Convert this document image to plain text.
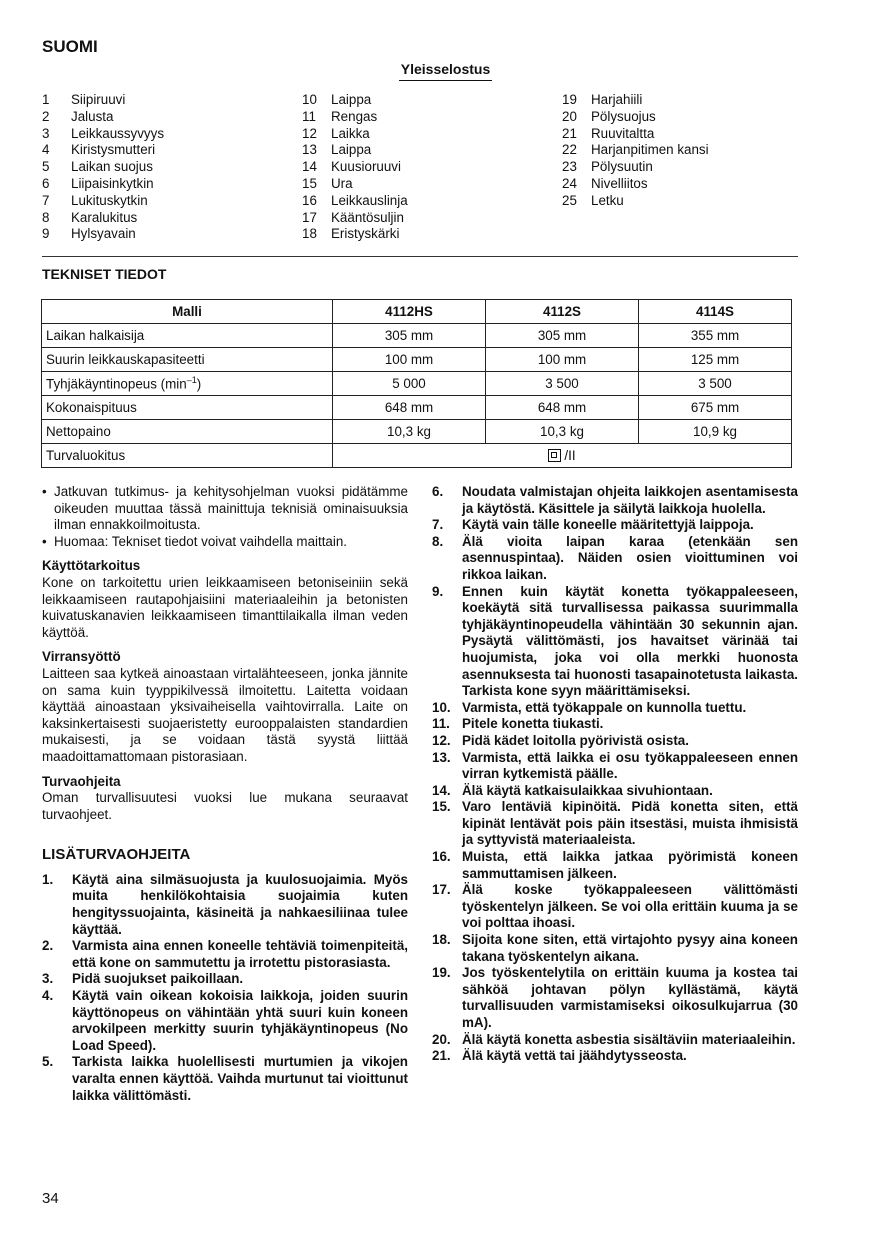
SUOMI
Yleisselostus
1	Siipiruuvi
2	Jalusta
3	Leikkaussyvyys
4	Kiristysmutteri
5	Laikan suojus
6	Liipaisinkytkin
7	Lukituskytkin
8	Karalukitus
9	Hylsyavain
10	Laippa
11	Rengas
12	Laikka
13	Laippa
14	Kuusioruuvi
15	Ura
16	Leikkauslinja
17	Kääntösuljin
18	Eristyskärki
19	Harjahiili
20	Pölysuojus
21	Ruuvitaltta
22	Harjanpitimen kansi
23	Pölysuutin
24	Nivelliitos
25	Letku
TEKNISET TIEDOT
Malli	4112HS	4112S	4114S
Laikan halkaisija	305 mm	305 mm	355 mm
Suurin leikkauskapasiteetti	100 mm	100 mm	125 mm
Tyhjäkäyntinopeus $(\min^{-1})$	5 000	3 500	3 500
Kokonaispituus	648 mm	648 mm	675 mm
Nettopaino	10,3 kg	10,3 kg	10,9 kg
Turvaluokitus	/II		
• Jatkuvan tutkimus- ja kehitysohjelman vuoksi pidätämme oikeuden muuttaa tässä mainittuja teknisiä ominaisuuksia ilman ennakkoilmoitusta.
• Huomaa: Tekniset tiedot voivat vaihdella maittain.

Käyttötarkoitus

Kone on tarkoitettu urien leikkaamiseen betoniseiniin sekä leikkaamiseen rautapohjaisiini materiaaleihin ja betonisten kuivatuskanavien leikkaamiseen timanttilaikalla ilman veden käyttöä.

Virransyöttö

Laitteen saa kytkeä ainoastaan virtalähteeseen, jonka jännite on sama kuin tyyppikilvessä ilmoitettu. Laitetta voidaan käyttää ainoastaan yksivaiheisella vaihtovirralla. Laite on kaksinkertaisesti suojaeristetty eurooppalaisten standardien mukaisesti, ja se voidaan tästä syystä liittää maadoittamattomaan pistorasiaan.

Turvaohjeita

Oman turvallisuutesi vuoksi lue mukana seuraavat turvaohjeet.

LISÄTURVAOHJEITA

1.	Käytä aina silmäsuojusta ja kuulosuojaimia. Myös muita henkilökohtaisia suojaimia kuten hengityssuojainta, käsineitä ja nahkaesiliinaa tulee käyttää.
2.	Varmista aina ennen koneelle tehtäviä toimenpiteitä, että kone on sammutettu ja irrotettu pistorasiasta.
3.	Pidä suojukset paikoillaan.
4.	Käytä vain oikean kokoisia laikkoja, joiden suurin käyttönopeus on vähintään yhtä suuri kuin koneen arvokilpeen merkitty suurin tyhjäkäyntinopeus (No Load Speed).
5.	Tarkista laikka huolellisesti murtumien ja vikojen varalta ennen käyttöä. Vaihda murtunut tai vioittunut laikka välittömästi.
6.	Noudata valmistajan ohjeita laikkojen asentamisesta ja käytöstä. Käsittele ja säilytä laikkoja huolella.
7.	Käytä vain tälle koneelle määritettyjä laippoja.
8.	Älä vioita laipan karaa (etenkään sen asennuspintaa). Näiden osien vioittuminen voi rikkoa laikan.
9.	Ennen kuin käytät konetta työkappaleeseen, koekäytä sitä turvallisessa paikassa suurimmalla tyhjäkäyntinopeudella vähintään 30 sekunnin ajan. Pysäytä välittömästi, jos havaitset värinää tai huojumista, joka voi olla merkki huonosta asennuksesta tai huonosti tasapainotetusta laikasta. Tarkista kone syyn määrittämiseksi.
10. Varmista, että työkappale on kunnolla tuettu.
11. Pitele konetta tiukasti.
12. Pidä kädet loitolla pyörivistä osista.
13. Varmista, että laikka ei osu työkappaleeseen ennen virran kytkemistä päälle.
14. Älä käytä katkaisulaikkaa sivuhiontaan.
15. Varo lentäviä kipinöitä. Pidä konetta siten, että kipinät lentävät pois päin itsestäsi, muista ihmisistä ja syttyvistä materiaaleista.
16. Muista, että laikka jatkaa pyörimistä koneen sammuttamisen jälkeen.
17. Älä koske työkappaleeseen välittömästi työskentelyn jälkeen. Se voi olla erittäin kuuma ja se voi polttaa ihoasi.
18. Sijoita kone siten, että virtajohto pysyy aina koneen takana työskentelyn aikana.
19. Jos työskentelytila on erittäin kuuma ja kostea tai sähköä johtavan pölyn kyllästämä, käytä turvallisuuden varmistamiseksi oikosulkujarrua (30 mA).
20. Älä käytä konetta asbestia sisältäviin materiaaleihin.
21. Älä käytä vettä tai jäähdytysseosta.
34
